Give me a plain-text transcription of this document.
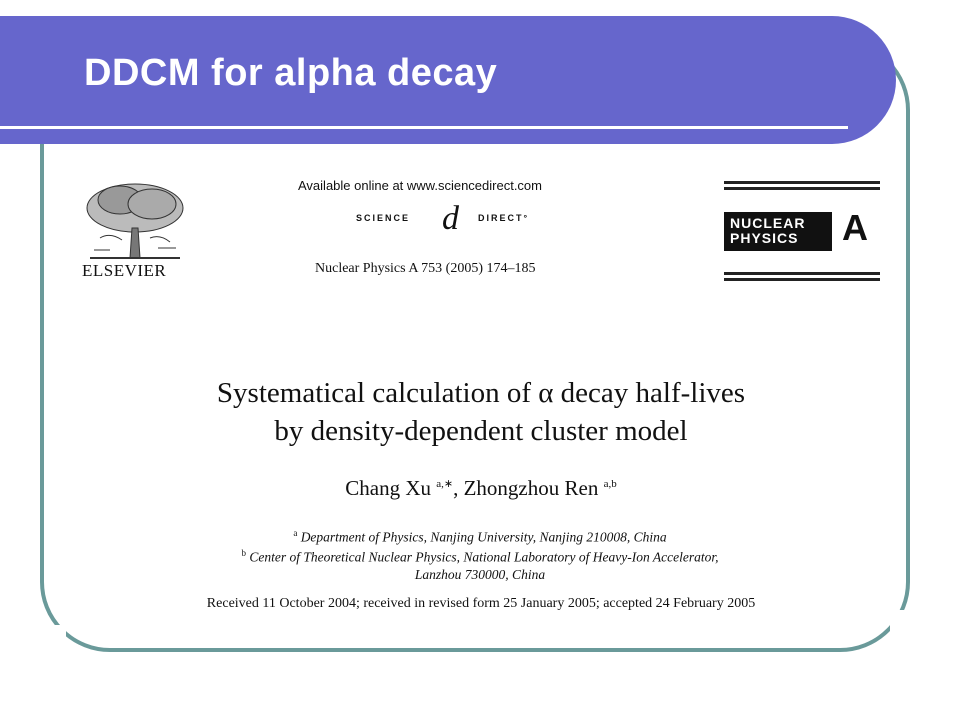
DDCM for alpha decay
ELSEVIER
Available online at www.sciencedirect.com
SCIENCE d DIRECT°
Nuclear Physics A 753 (2005) 174–185
NUCLEAR
PHYSICS	A
Systematical calculation of α decay half-lives
by density-dependent cluster model
Chang Xu $^{a,∗}$, Zhongzhou Ren $^{a,b}$
$^a$ Department of Physics, Nanjing University, Nanjing 210008, China
$^b$ Center of Theoretical Nuclear Physics, National Laboratory of Heavy-Ion Accelerator,
Lanzhou 730000, China
Received 11 October 2004; received in revised form 25 January 2005; accepted 24 February 2005
